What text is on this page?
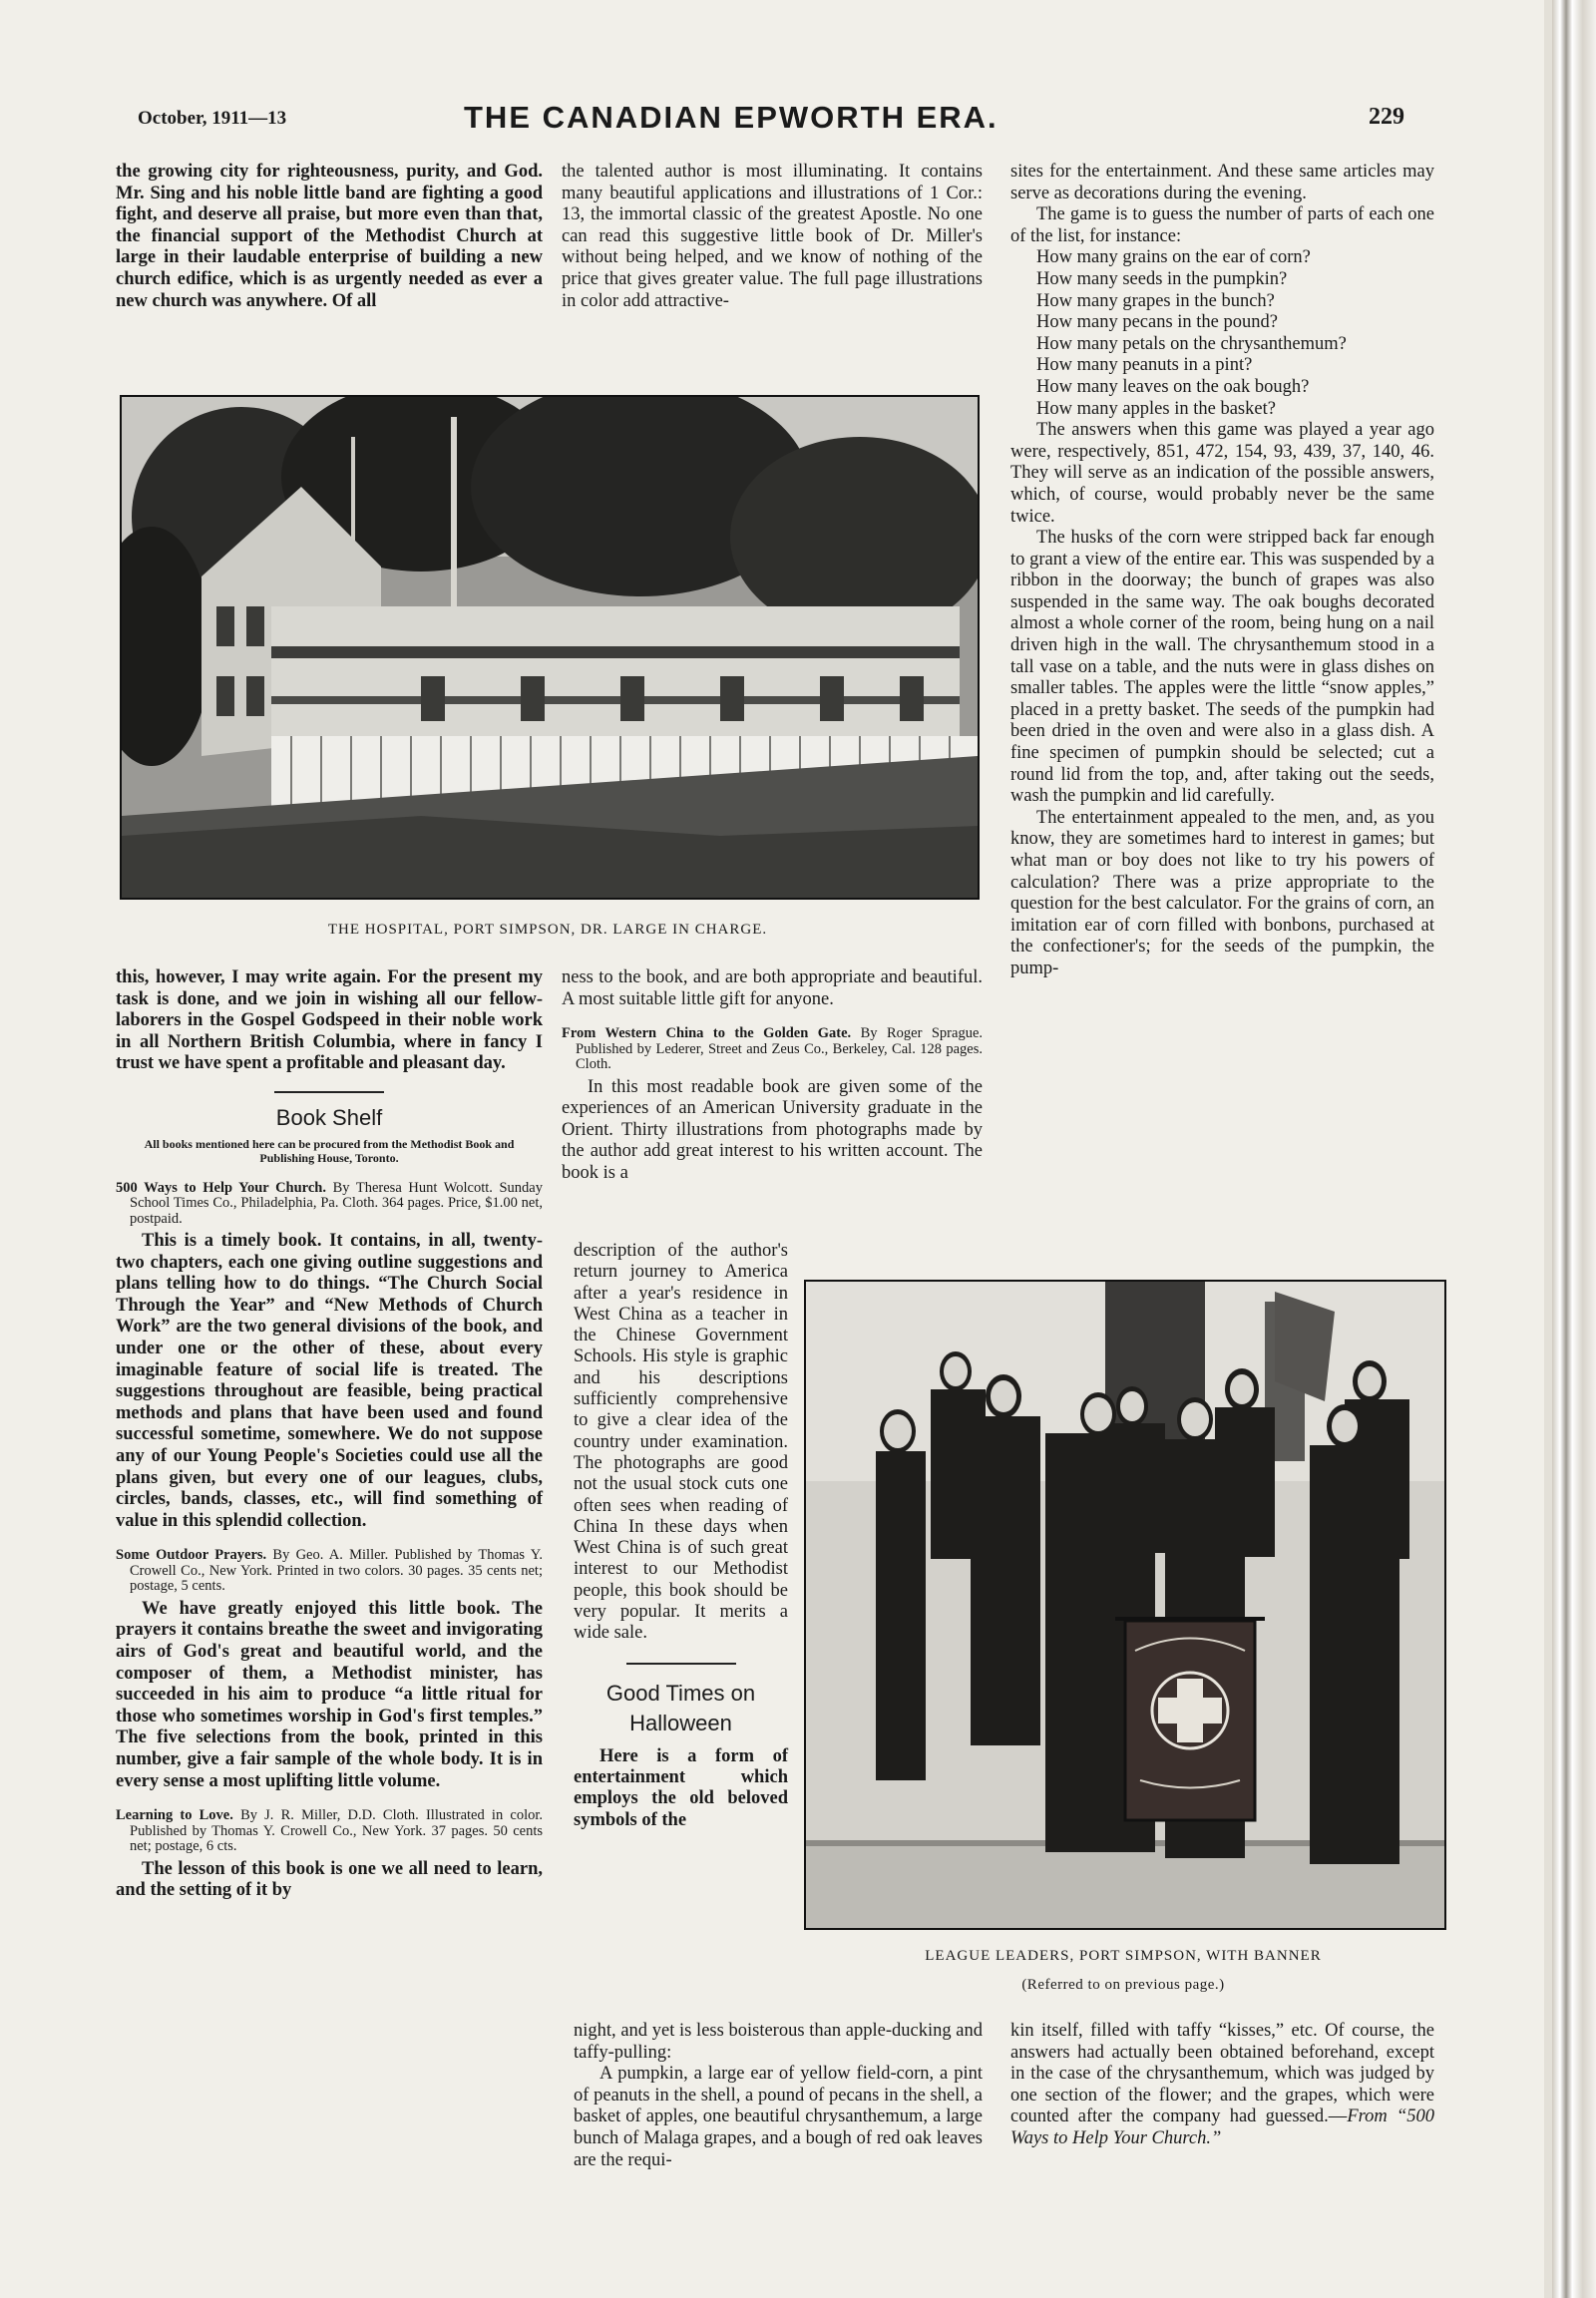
October, 1911—13	THE CANADIAN EPWORTH ERA.	229

the growing city for righteousness, purity, and God. Mr. Sing and his noble little band are fighting a good fight, and deserve all praise, but more even than that, the financial support of the Methodist Church at large in their laudable enterprise of building a new church edifice, which is as urgently needed as ever a new church was anywhere. Of all

the talented author is most illuminating. It contains many beautiful applications and illustrations of 1 Cor.: 13, the immortal classic of the greatest Apostle. No one can read this suggestive little book of Dr. Miller's without being helped, and we know of nothing of the price that gives greater value. The full page illustrations in color add attractive-

THE HOSPITAL, PORT SIMPSON, DR. LARGE IN CHARGE.

this, however, I may write again. For the present my task is done, and we join in wishing all our fellow-laborers in the Gospel Godspeed in their noble work in all Northern British Columbia, where in fancy I trust we have spent a profitable and pleasant day.

Book Shelf
All books mentioned here can be procured from the Methodist Book and Publishing House, Toronto.

500 Ways to Help Your Church. By Theresa Hunt Wolcott. Sunday School Times Co., Philadelphia, Pa. Cloth. 364 pages. Price, $1.00 net, postpaid.

This is a timely book. It contains, in all, twenty-two chapters, each one giving outline suggestions and plans telling how to do things. “The Church Social Through the Year” and “New Methods of Church Work” are the two general divisions of the book, and under one or the other of these, about every imaginable feature of social life is treated. The suggestions throughout are feasible, being practical methods and plans that have been used and found successful sometime, somewhere. We do not suppose any of our Young People's Societies could use all the plans given, but every one of our leagues, clubs, circles, bands, classes, etc., will find something of value in this splendid collection.

Some Outdoor Prayers. By Geo. A. Miller. Published by Thomas Y. Crowell Co., New York. Printed in two colors. 30 pages. 35 cents net; postage, 5 cents.

We have greatly enjoyed this little book. The prayers it contains breathe the sweet and invigorating airs of God's great and beautiful world, and the composer of them, a Methodist minister, has succeeded in his aim to produce “a little ritual for those who sometimes worship in God's first temples.” The five selections from the book, printed in this number, give a fair sample of the whole body. It is in every sense a most uplifting little volume.

Learning to Love. By J. R. Miller, D.D. Cloth. Illustrated in color. Published by Thomas Y. Crowell Co., New York. 37 pages. 50 cents net; postage, 6 cts.

The lesson of this book is one we all need to learn, and the setting of it by

ness to the book, and are both appropriate and beautiful. A most suitable little gift for anyone.

From Western China to the Golden Gate. By Roger Sprague. Published by Lederer, Street and Zeus Co., Berkeley, Cal. 128 pages. Cloth.

In this most readable book are given some of the experiences of an American University graduate in the Orient. Thirty illustrations from photographs made by the author add great interest to his written account. The book is a

description of the author's return journey to America after a year's residence in West China as a teacher in the Chinese Government Schools. His style is graphic and his descriptions sufficiently comprehensive to give a clear idea of the country under examination. The photographs are good not the usual stock cuts one often sees when reading of China In these days when West China is of such great interest to our Methodist people, this book should be very popular. It merits a wide sale.

Good Times on Halloween

Here is a form of entertainment which employs the old beloved symbols of the

night, and yet is less boisterous than apple-ducking and taffy-pulling:

A pumpkin, a large ear of yellow field-corn, a pint of peanuts in the shell, a pound of pecans in the shell, a basket of apples, one beautiful chrysanthemum, a large bunch of Malaga grapes, and a bough of red oak leaves are the requi-

LEAGUE LEADERS, PORT SIMPSON, WITH BANNER
(Referred to on previous page.)

sites for the entertainment. And these same articles may serve as decorations during the evening.

The game is to guess the number of parts of each one of the list, for instance:

How many grains on the ear of corn?

How many seeds in the pumpkin?

How many grapes in the bunch?

How many pecans in the pound?

How many petals on the chrysanthemum?

How many peanuts in a pint?

How many leaves on the oak bough?

How many apples in the basket?

The answers when this game was played a year ago were, respectively, 851, 472, 154, 93, 439, 37, 140, 46. They will serve as an indication of the possible answers, which, of course, would probably never be the same twice.

The husks of the corn were stripped back far enough to grant a view of the entire ear. This was suspended by a ribbon in the doorway; the bunch of grapes was also suspended in the same way. The oak boughs decorated almost a whole corner of the room, being hung on a nail driven high in the wall. The chrysanthemum stood in a tall vase on a table, and the nuts were in glass dishes on smaller tables. The apples were the little “snow apples,” placed in a pretty basket. The seeds of the pumpkin had been dried in the oven and were also in a glass dish. A fine specimen of pumpkin should be selected; cut a round lid from the top, and, after taking out the seeds, wash the pumpkin and lid carefully.

The entertainment appealed to the men, and, as you know, they are sometimes hard to interest in games; but what man or boy does not like to try his powers of calculation? There was a prize appropriate to the question for the best calculator. For the grains of corn, an imitation ear of corn filled with bonbons, purchased at the confectioner's; for the seeds of the pumpkin, the pump-

kin itself, filled with taffy “kisses,” etc. Of course, the answers had actually been obtained beforehand, except in the case of the chrysanthemum, which was judged by one section of the flower; and the grapes, which were counted after the company had guessed.—From “500 Ways to Help Your Church.”
